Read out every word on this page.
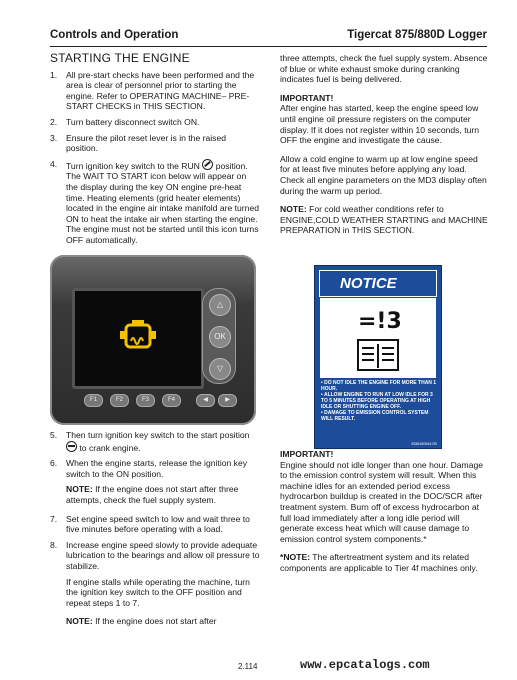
Controls and Operation	Tigercat 875/880D Logger
STARTING THE ENGINE
1. All pre-start checks have been performed and the area is clear of personnel prior to starting the engine. Refer to OPERATING MACHINE– PRE-START CHECKS in THIS SECTION.
2. Turn battery disconnect switch ON.
3. Ensure the pilot reset lever is in the raised position.
4. Turn ignition key switch to the RUN position. The WAIT TO START icon below will appear on the display during the key ON engine pre-heat time. Heating elements (grid heater elements) located in the engine air intake manifold are turned ON to heat the intake air when starting the engine. The engine must not be started until this icon turns OFF automatically.
△
OK
▽
F1	F2	F3	F4	◀	▶
5. Then turn ignition key switch to the start position  to crank engine.
6. When the engine starts, release the ignition key switch to the ON position.

NOTE: If the engine does not start after three attempts, check the fuel supply system.

7. Set engine speed switch to low and wait three to five minutes before operating with a load.
8. Increase engine speed slowly to provide adequate lubrication to the bearings and allow oil pressure to stabilize.

If engine stalls while operating the machine, turn the ignition key switch to the OFF position and repeat steps 1 to 7.

NOTE: If the engine does not start after

three attempts, check the fuel supply system. Absence of blue or white exhaust smoke during cranking indicates fuel is being delivered.

IMPORTANT!

After engine has started, keep the engine speed low until engine oil pressure registers on the computer display. If it does not register within 10 seconds, turn OFF the engine and investigate the cause.

Allow a cold engine to warm up at low engine speed for at least five minutes before applying any load. Check all engine parameters on the MD3 display often during the warm up period.

NOTE: For cold weather conditions refer to ENGINE,COLD WEATHER STARTING and MACHINE PREPARATION in THIS SECTION.

NOTICE
=!3
• DO NOT IDLE THE ENGINE FOR MORE THAN 1 HOUR.
• ALLOW ENGINE TO RUN AT LOW IDLE FOR 3 TO 5 MINUTES BEFORE OPERATING AT HIGH IDLE OR SHUTTING ENGINE OFF.
• DAMAGE TO EMISSION CONTROL SYSTEM WILL RESULT.
83381B0943-R0
IMPORTANT!

Engine should not idle longer than one hour. Damage to the emission control system will result. When this machine idles for an extended period excess hydrocarbon buildup is created in the DOC/SCR after treatment system. Burn off of excess hydrocarbon at full load immediately after a long idle period will generate excess heat which will cause damage to emission control system components.*

*NOTE: The aftertreatment system and its related components are applicable to Tier 4f machines only.

2.114	www.epcatalogs.com
